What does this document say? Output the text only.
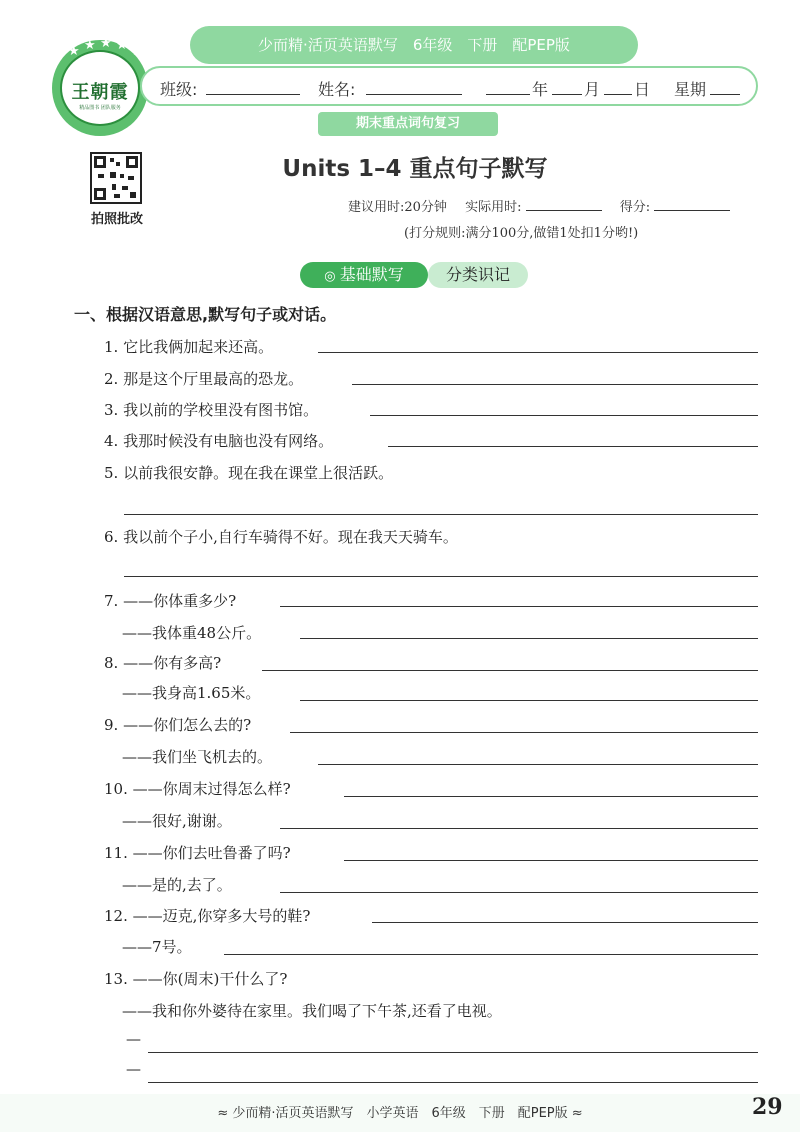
王朝霞
精品图书 团队服务
★ ★ ★ ★ ★	少而精·活页英语默写　6年级　下册　配PEP版
班级:	姓名:	年 月 日 星期
期末重点词句复习
拍照批改
Units 1–4 重点句子默写
建议用时:20分钟 实际用时:	得分:
(打分规则:满分100分,做错1处扣1分哟!)
◎ 基础默写	分类识记
一、根据汉语意思,默写句子或对话。
1. 它比我俩加起来还高。
2. 那是这个厅里最高的恐龙。
3. 我以前的学校里没有图书馆。
4. 我那时候没有电脑也没有网络。
5. 以前我很安静。现在我在课堂上很活跃。
6. 我以前个子小,自行车骑得不好。现在我天天骑车。
7. ——你体重多少?
——我体重48公斤。
8. ——你有多高?
——我身高1.65米。
9. ——你们怎么去的?
——我们坐飞机去的。
10. ——你周末过得怎么样?
——很好,谢谢。
11. ——你们去吐鲁番了吗?
——是的,去了。
12. ——迈克,你穿多大号的鞋?
——7号。
13. ——你(周末)干什么了?
——我和你外婆待在家里。我们喝了下午茶,还看了电视。
—
—
≈ 少而精·活页英语默写　小学英语　6年级　下册　配PEP版 ≈	29
